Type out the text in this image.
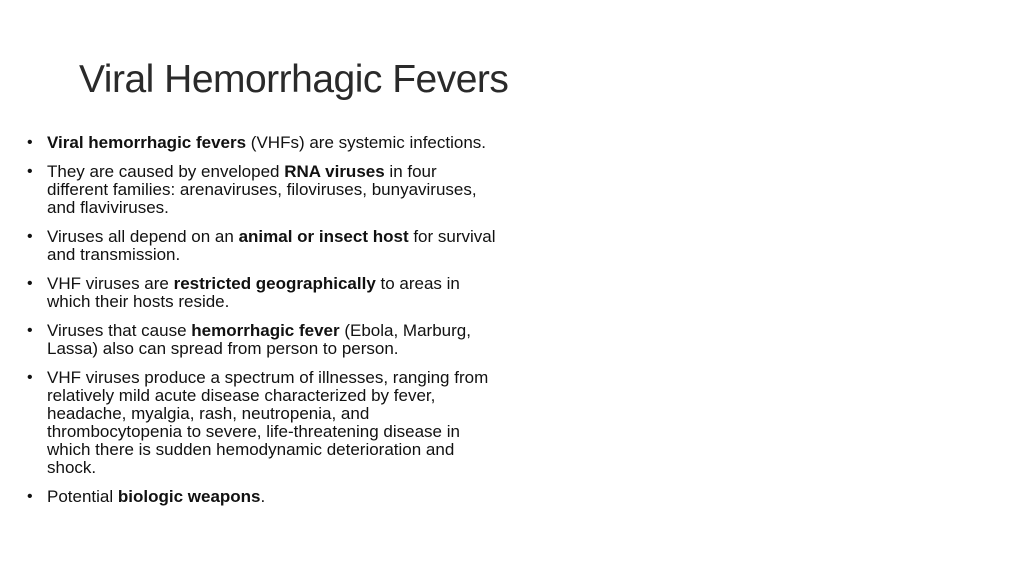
Viral Hemorrhagic Fevers
• Viral hemorrhagic fevers (VHFs) are systemic infections.
• They are caused by enveloped RNA viruses in four different families: arenaviruses, filoviruses, bunyaviruses, and flaviviruses.
• Viruses all depend on an animal or insect host for survival and transmission.
• VHF viruses are restricted geographically to areas in which their hosts reside.
• Viruses that cause hemorrhagic fever (Ebola, Marburg, Lassa) also can spread from person to person.
• VHF viruses produce a spectrum of illnesses, ranging from relatively mild acute disease characterized by fever, headache, myalgia, rash, neutropenia, and thrombocytopenia to severe, life-threatening disease in which there is sudden hemodynamic deterioration and shock.
• Potential biologic weapons.
